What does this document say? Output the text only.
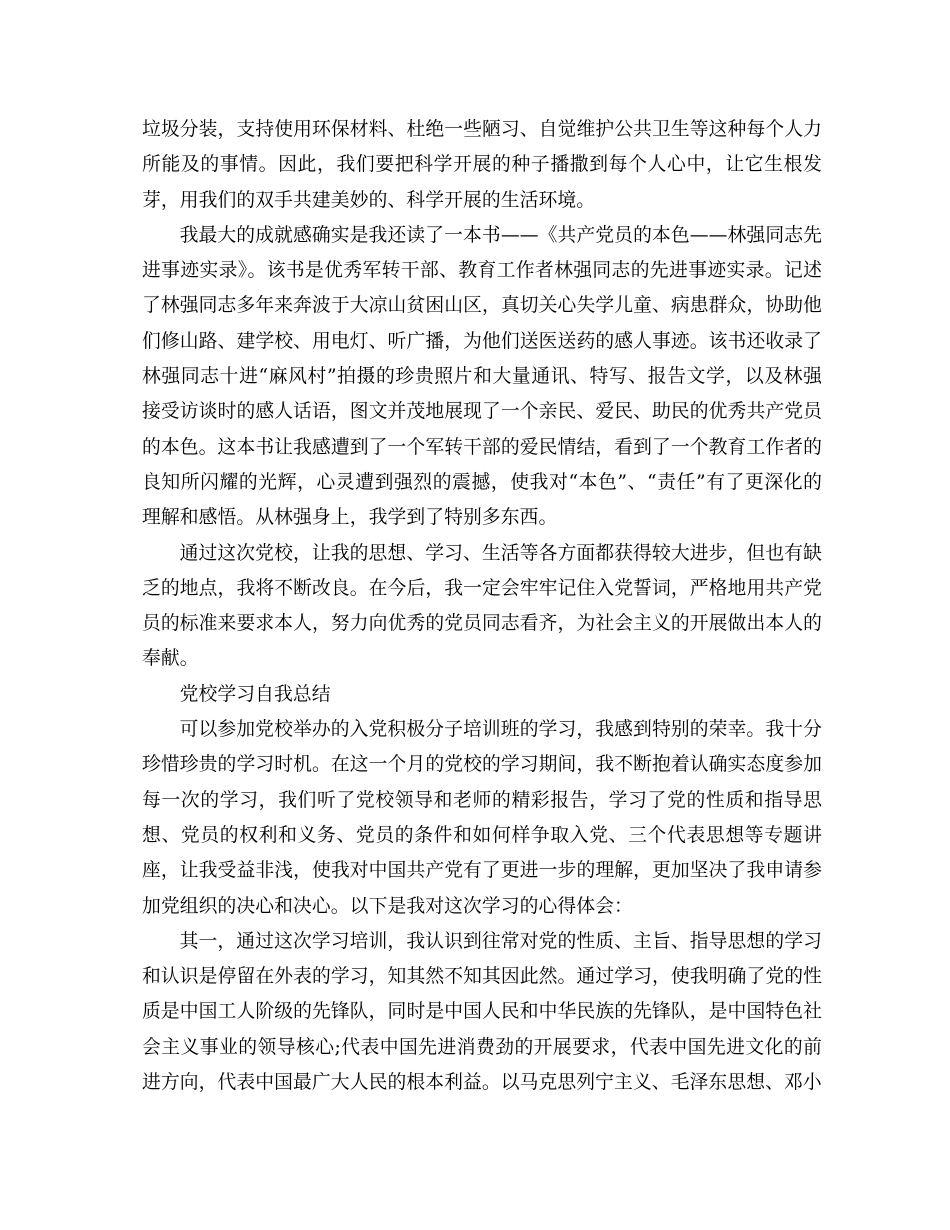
垃圾分装，支持使用环保材料、杜绝一些陋习、自觉维护公共卫生等这种每个人力所能及的事情。因此，我们要把科学开展的种子播撒到每个人心中，让它生根发芽，用我们的双手共建美妙的、科学开展的生活环境。

我最大的成就感确实是我还读了一本书——《共产党员的本色——林强同志先进事迹实录》。该书是优秀军转干部、教育工作者林强同志的先进事迹实录。记述了林强同志多年来奔波于大凉山贫困山区，真切关心失学儿童、病患群众，协助他们修山路、建学校、用电灯、听广播，为他们送医送药的感人事迹。该书还收录了林强同志十进“麻风村”拍摄的珍贵照片和大量通讯、特写、报告文学，以及林强接受访谈时的感人话语，图文并茂地展现了一个亲民、爱民、助民的优秀共产党员的本色。这本书让我感遭到了一个军转干部的爱民情结，看到了一个教育工作者的良知所闪耀的光辉，心灵遭到强烈的震撼，使我对“本色”、“责任”有了更深化的理解和感悟。从林强身上，我学到了特别多东西。

通过这次党校，让我的思想、学习、生活等各方面都获得较大进步，但也有缺乏的地点，我将不断改良。在今后，我一定会牢牢记住入党誓词，严格地用共产党员的标准来要求本人，努力向优秀的党员同志看齐，为社会主义的开展做出本人的奉献。

党校学习自我总结

可以参加党校举办的入党积极分子培训班的学习，我感到特别的荣幸。我十分珍惜珍贵的学习时机。在这一个月的党校的学习期间，我不断抱着认确实态度参加每一次的学习，我们听了党校领导和老师的精彩报告，学习了党的性质和指导思想、党员的权利和义务、党员的条件和如何样争取入党、三个代表思想等专题讲座，让我受益非浅，使我对中国共产党有了更进一步的理解，更加坚决了我申请参加党组织的决心和决心。以下是我对这次学习的心得体会：

其一，通过这次学习培训，我认识到往常对党的性质、主旨、指导思想的学习和认识是停留在外表的学习，知其然不知其因此然。通过学习，使我明确了党的性质是中国工人阶级的先锋队，同时是中国人民和中华民族的先锋队，是中国特色社会主义事业的领导核心;代表中国先进消费劲的开展要求，代表中国先进文化的前进方向，代表中国最广大人民的根本利益。以马克思列宁主义、毛泽东思想、邓小
